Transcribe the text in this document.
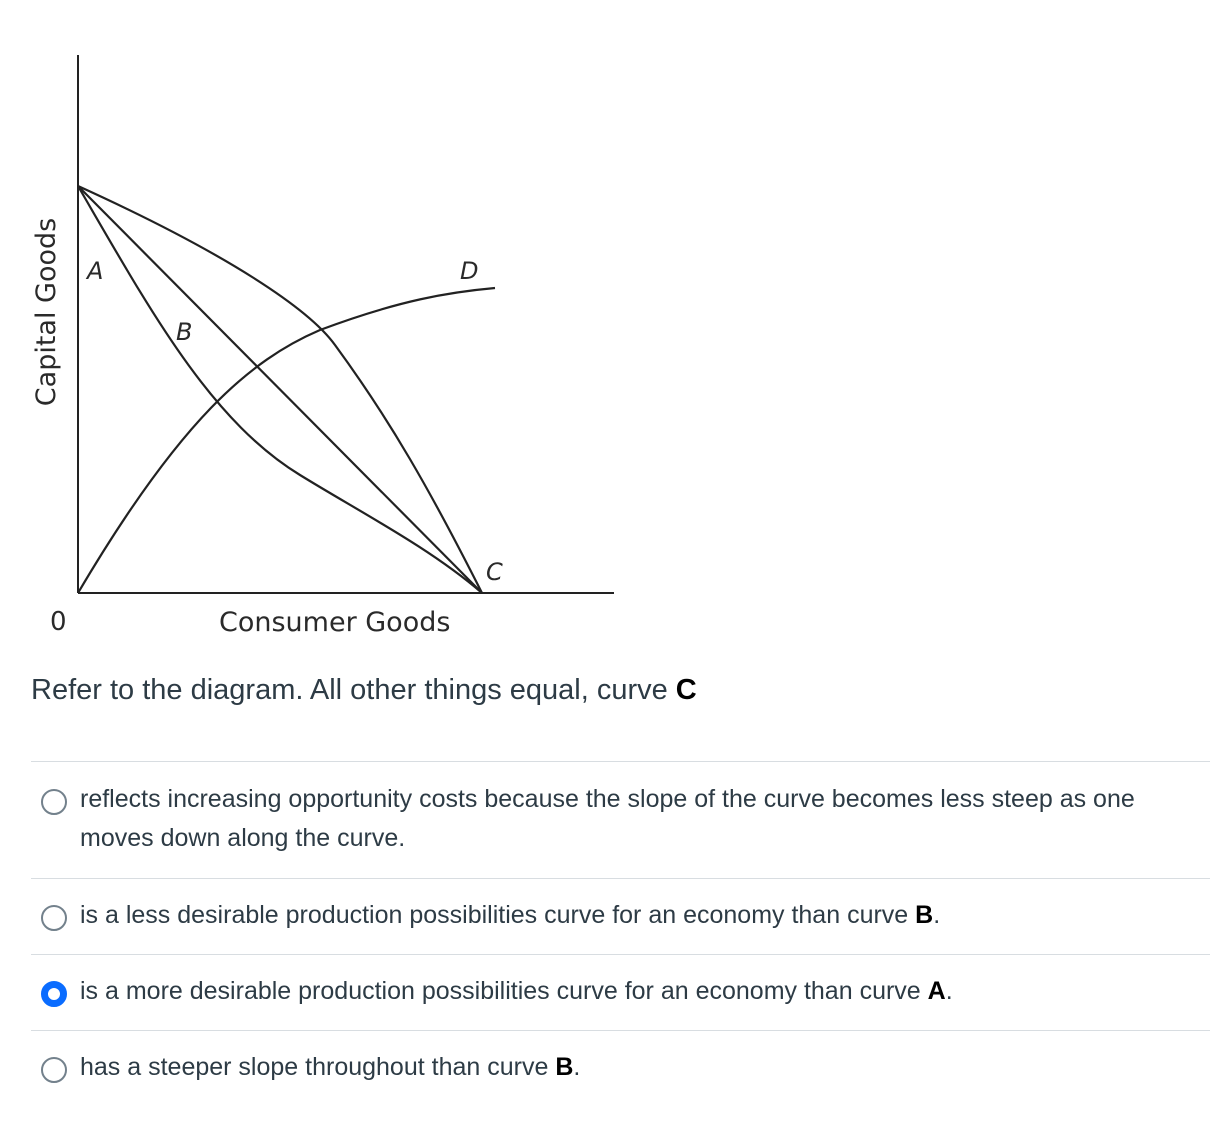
A
B
C
D
0	Consumer Goods
Capital Goods
Refer to the diagram. All other things equal, curve C
reflects increasing opportunity costs because the slope of the curve becomes less steep as one moves down along the curve.
is a less desirable production possibilities curve for an economy than curve B.
is a more desirable production possibilities curve for an economy than curve A.
has a steeper slope throughout than curve B.
